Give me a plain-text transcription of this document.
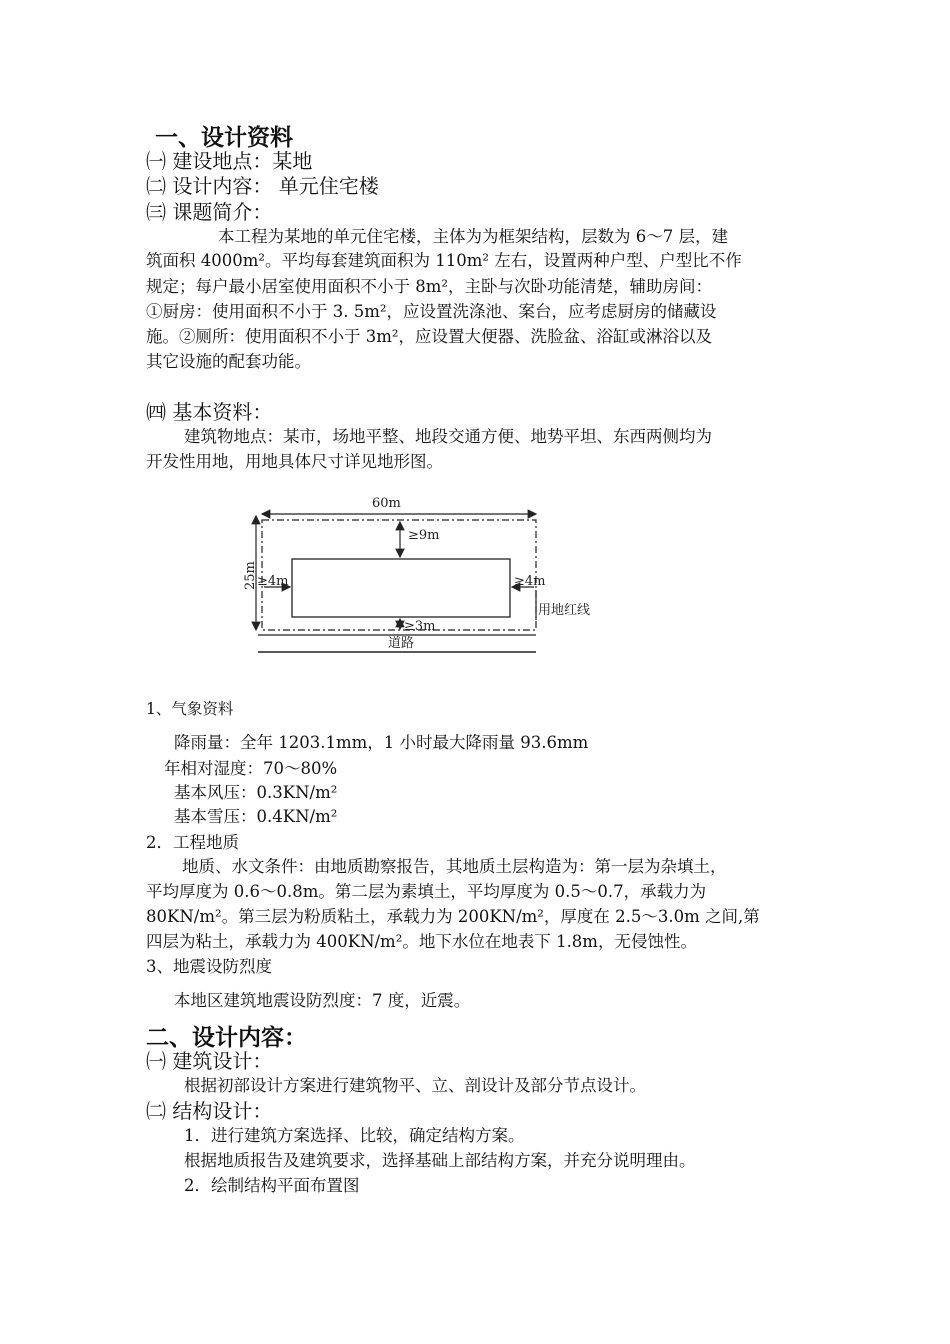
一、设计资料
㈠ 建设地点：某地
㈡ 设计内容： 单元住宅楼
㈢ 课题简介：
本工程为某地的单元住宅楼，主体为为框架结构，层数为 6～7 层，建
筑面积 4000m²。平均每套建筑面积为 110m² 左右，设置两种户型、户型比不作
规定；每户最小居室使用面积不小于 8m²，主卧与次卧功能清楚，辅助房间：
①厨房：使用面积不小于 3. 5m²，应设置洗涤池、案台，应考虑厨房的储藏设
施。②厕所：使用面积不小于 3m²，应设置大便器、洗脸盆、浴缸或淋浴以及
其它设施的配套功能。
㈣ 基本资料：
建筑物地点：某市，场地平整、地段交通方便、地势平坦、东西两侧均为
开发性用地，用地具体尺寸详见地形图。
60m
25m
≥9m
≥4m	≥4m
用地红线
≥3m
道路
1、气象资料
降雨量：全年 1203.1mm，1 小时最大降雨量 93.6mm
年相对湿度：70～80%
基本风压：0.3KN/m²
基本雪压：0.4KN/m²
2．工程地质
地质、水文条件：由地质勘察报告，其地质土层构造为：第一层为杂填土，
平均厚度为 0.6～0.8m。第二层为素填土，平均厚度为 0.5～0.7，承载力为
80KN/m²。第三层为粉质粘土，承载力为 200KN/m²，厚度在 2.5～3.0m 之间,第
四层为粘土，承载力为 400KN/m²。地下水位在地表下 1.8m，无侵蚀性。
3、地震设防烈度
本地区建筑地震设防烈度：7 度，近震。
二、设计内容：
㈠ 建筑设计：
根据初部设计方案进行建筑物平、立、剖设计及部分节点设计。
㈡ 结构设计：
1．进行建筑方案选择、比较，确定结构方案。
根据地质报告及建筑要求，选择基础上部结构方案，并充分说明理由。
2．绘制结构平面布置图
